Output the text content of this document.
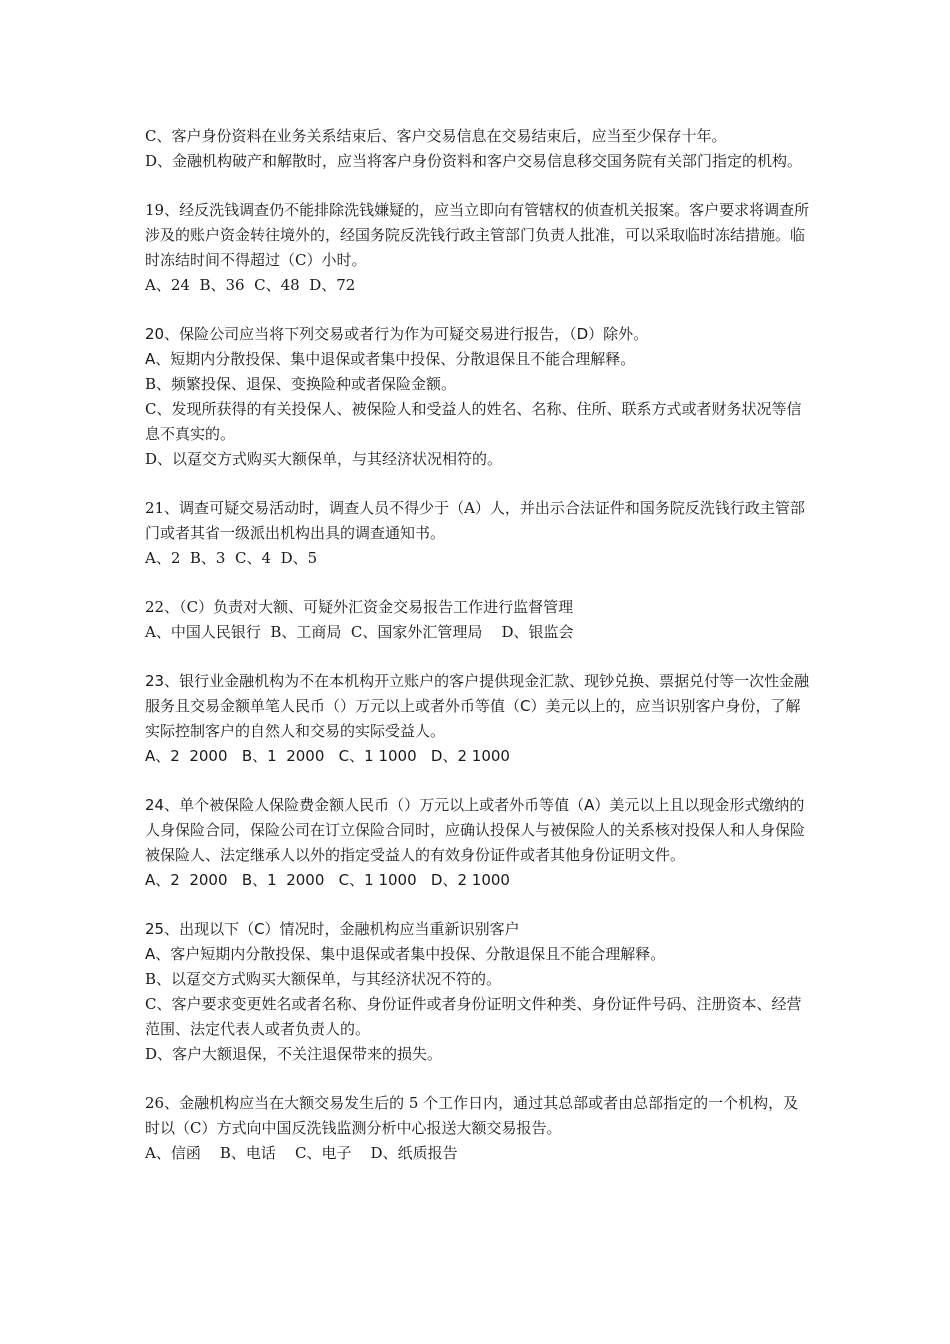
C、客户身份资料在业务关系结束后、客户交易信息在交易结束后，应当至少保存十年。
D、金融机构破产和解散时，应当将客户身份资料和客户交易信息移交国务院有关部门指定的机构。
19、经反洗钱调查仍不能排除洗钱嫌疑的，应当立即向有管辖权的侦查机关报案。客户要求将调查所涉及的账户资金转往境外的，经国务院反洗钱行政主管部门负责人批准，可以采取临时冻结措施。临时冻结时间不得超过（C）小时。
A、24  B、36  C、48  D、72
20、保险公司应当将下列交易或者行为作为可疑交易进行报告，（D）除外。
A、短期内分散投保、集中退保或者集中投保、分散退保且不能合理解释。
B、频繁投保、退保、变换险种或者保险金额。
C、发现所获得的有关投保人、被保险人和受益人的姓名、名称、住所、联系方式或者财务状况等信息不真实的。
D、以趸交方式购买大额保单，与其经济状况相符的。
21、调查可疑交易活动时，调查人员不得少于（A）人，并出示合法证件和国务院反洗钱行政主管部门或者其省一级派出机构出具的调查通知书。
A、2  B、3  C、4  D、5
22、（C）负责对大额、可疑外汇资金交易报告工作进行监督管理
A、中国人民银行  B、工商局  C、国家外汇管理局    D、银监会
23、银行业金融机构为不在本机构开立账户的客户提供现金汇款、现钞兑换、票据兑付等一次性金融服务且交易金额单笔人民币（）万元以上或者外币等值（C）美元以上的，应当识别客户身份，了解实际控制客户的自然人和交易的实际受益人。
A、2  2000   B、1  2000   C、1 1000   D、2 1000
24、单个被保险人保险费金额人民币（）万元以上或者外币等值（A）美元以上且以现金形式缴纳的人身保险合同，保险公司在订立保险合同时，应确认投保人与被保险人的关系核对投保人和人身保险被保险人、法定继承人以外的指定受益人的有效身份证件或者其他身份证明文件。
A、2  2000   B、1  2000   C、1 1000   D、2 1000
25、出现以下（C）情况时，金融机构应当重新识别客户
A、客户短期内分散投保、集中退保或者集中投保、分散退保且不能合理解释。
B、以趸交方式购买大额保单，与其经济状况不符的。
C、客户要求变更姓名或者名称、身份证件或者身份证明文件种类、身份证件号码、注册资本、经营范围、法定代表人或者负责人的。
D、客户大额退保，不关注退保带来的损失。
26、金融机构应当在大额交易发生后的 5 个工作日内，通过其总部或者由总部指定的一个机构，及时以（C）方式向中国反洗钱监测分析中心报送大额交易报告。
A、信函    B、电话    C、电子    D、纸质报告
